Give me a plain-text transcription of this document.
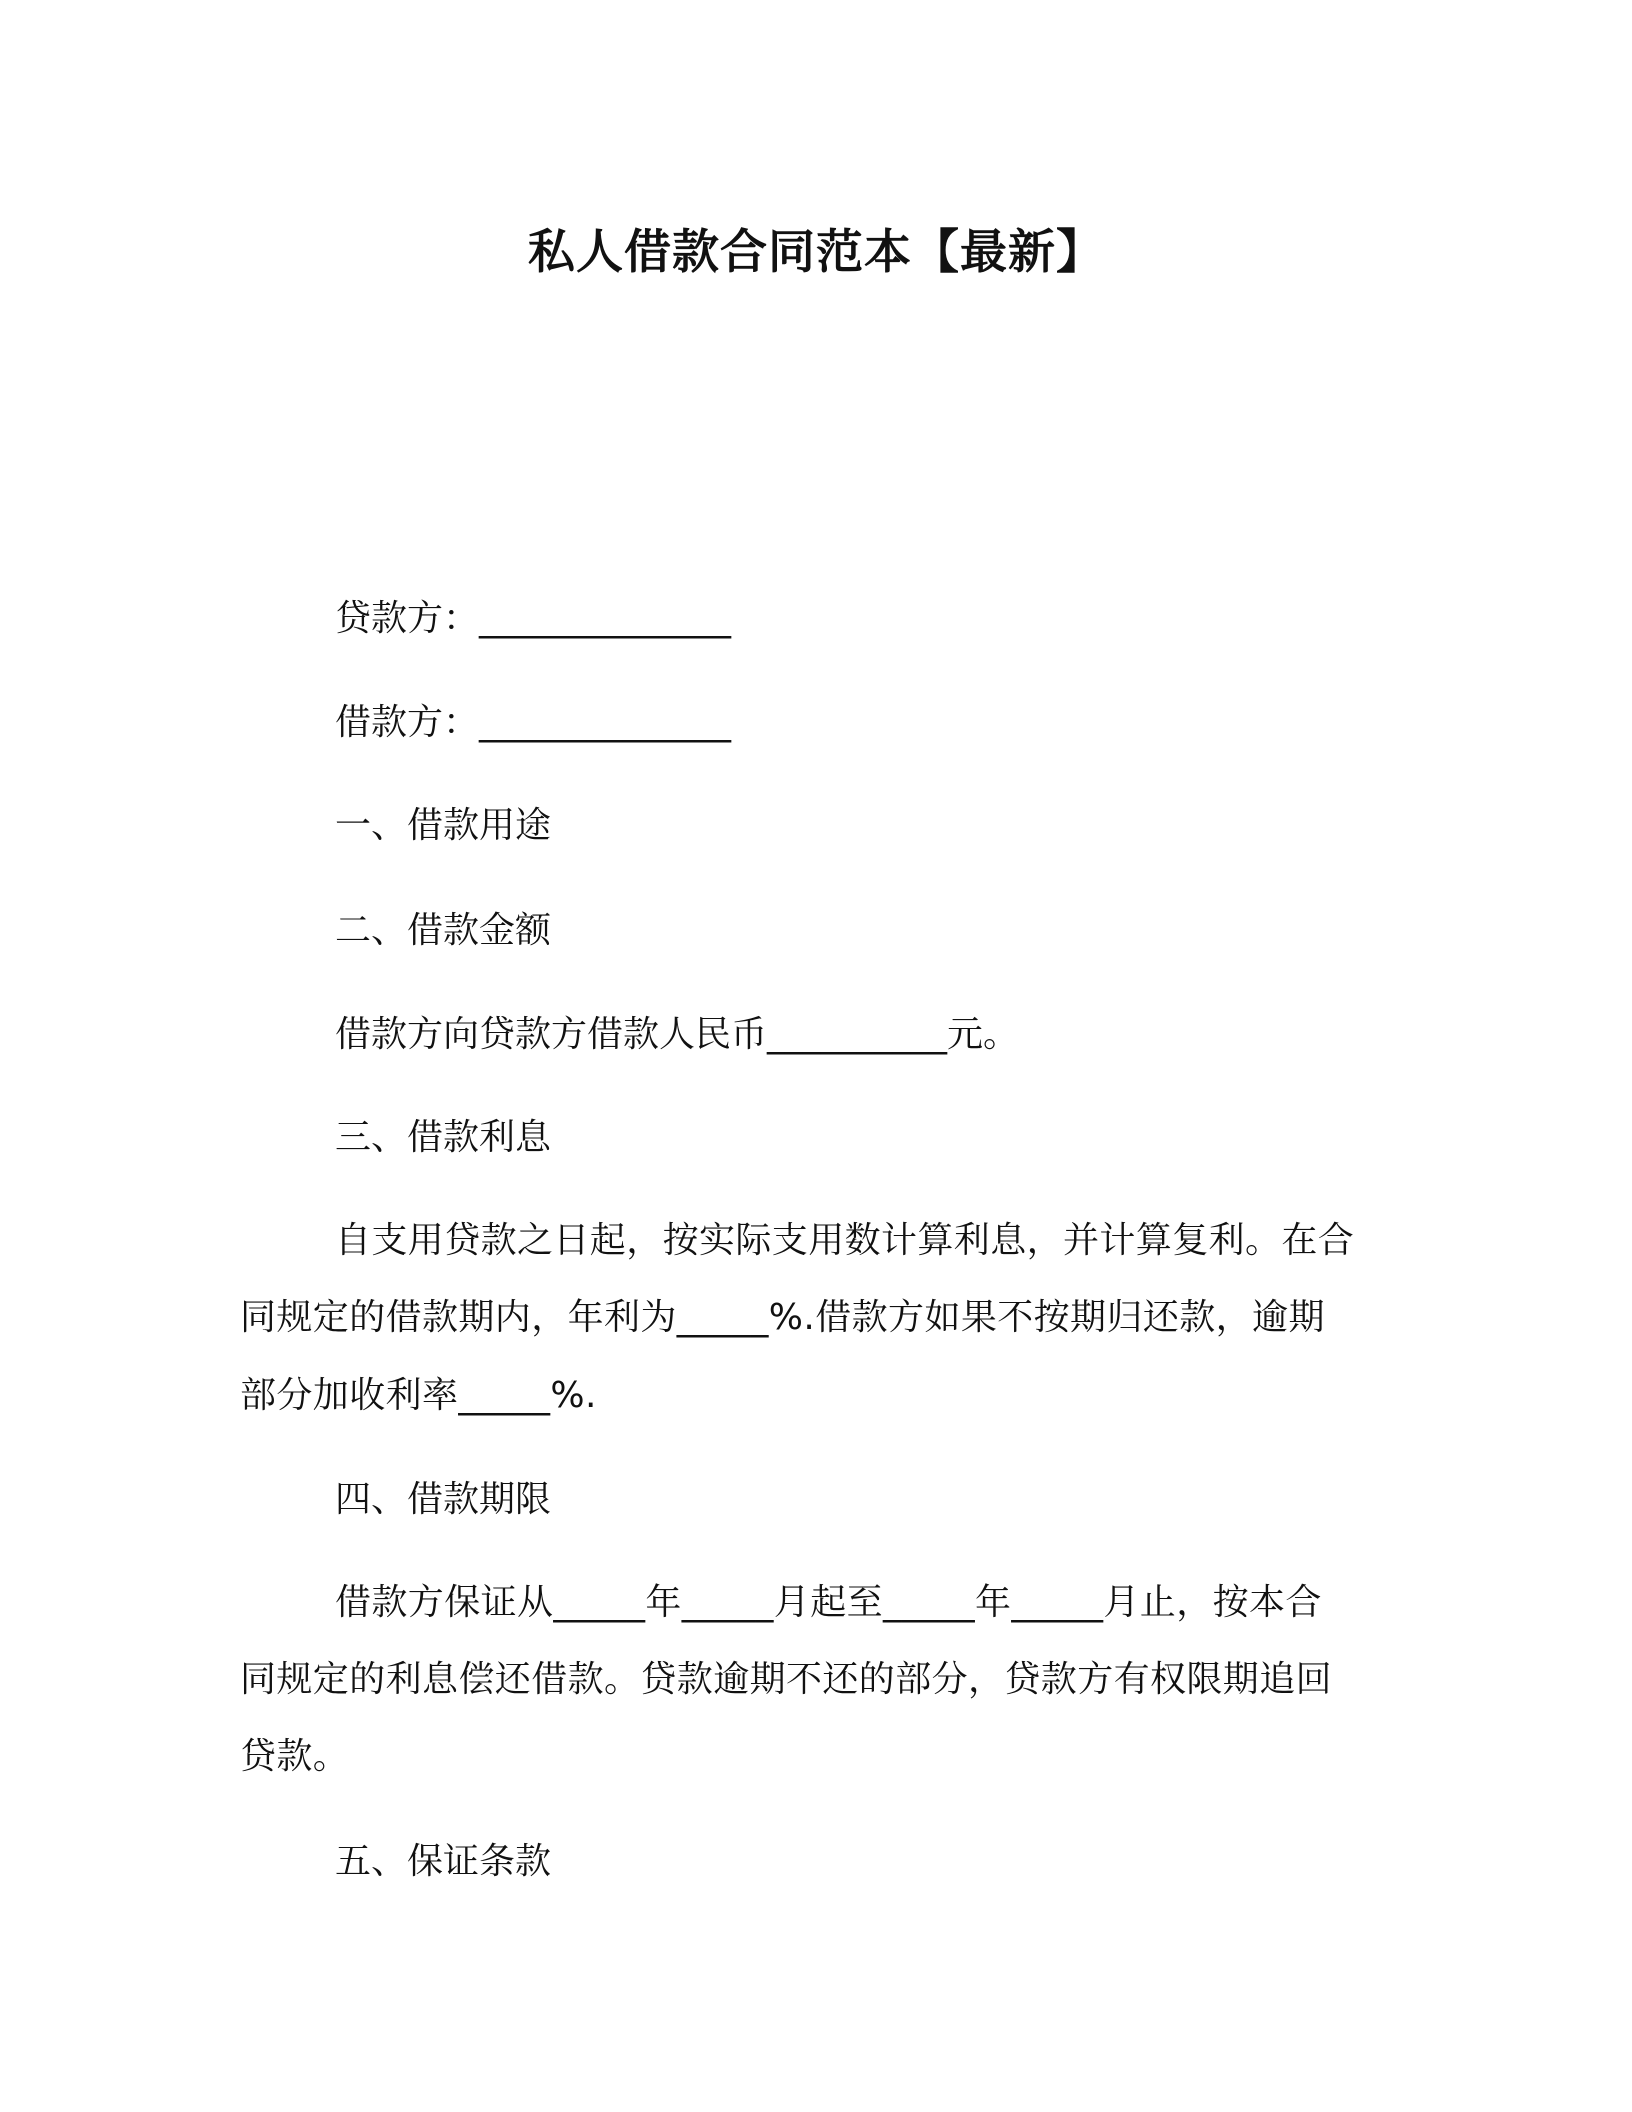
私人借款合同范本【最新】
贷款方：______________
借款方：______________
一、借款用途
二、借款金额
借款方向贷款方借款人民币__________元。
三、借款利息
自支用贷款之日起，按实际支用数计算利息，并计算复利。在合
同规定的借款期内，年利为_____%.借款方如果不按期归还款，逾期
部分加收利率_____%.
四、借款期限
借款方保证从_____年_____月起至_____年_____月止，按本合
同规定的利息偿还借款。贷款逾期不还的部分，贷款方有权限期追回
贷款。
五、保证条款
